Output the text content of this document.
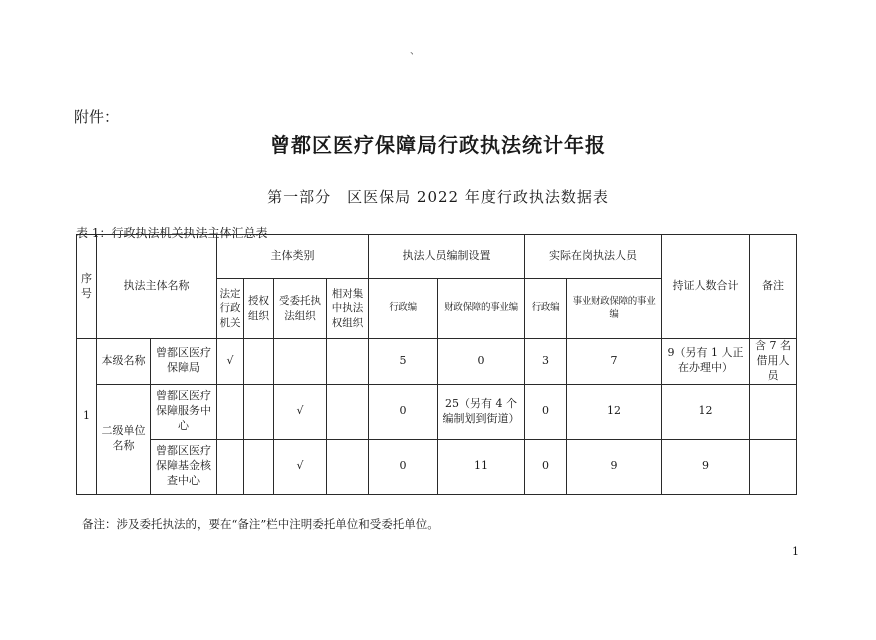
、
附件：
曾都区医疗保障局行政执法统计年报
第一部分　区医保局 2022 年度行政执法数据表
表 1：行政执法机关执法主体汇总表
序号	执法主体名称		主体类别				执法人员编制设置		实际在岗执法人员		持证人数合计	备注
			法定行政机关	授权组织	受委托执法组织	相对集中执法权组织	行政编	财政保障的事业编	行政编	事业财政保障的事业编		
1	本级名称	曾都区医疗保障局	√				5	0	3	7	9（另有 1 人正在办理中）	含 7 名借用人员
	二级单位名称	曾都区医疗保障服务中心			√		0	25（另有 4 个编制划到街道）	0	12	12	
		曾都区医疗保障基金核查中心			√		0	11	0	9	9	
备注：涉及委托执法的，要在“备注”栏中注明委托单位和受委托单位。
1
